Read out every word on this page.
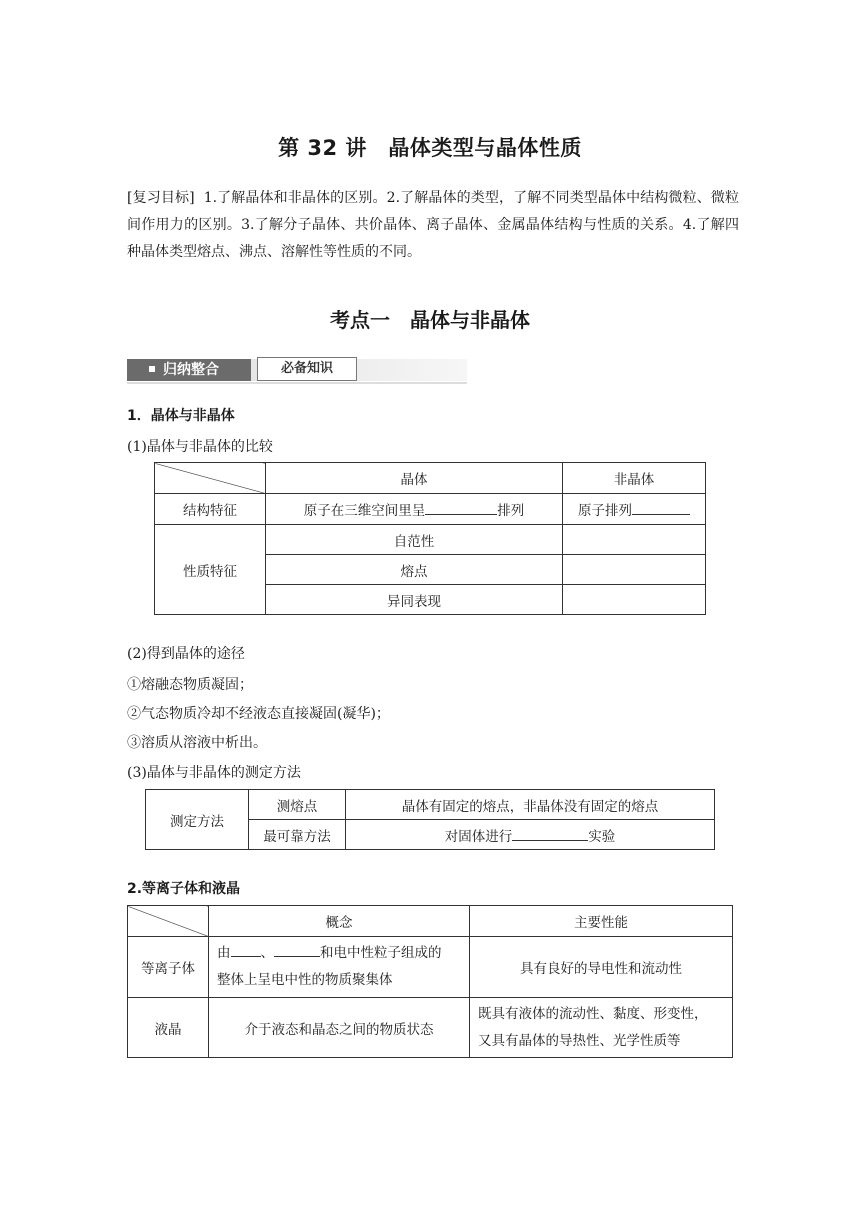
第 32 讲　晶体类型与晶体性质
[复习目标] 1.了解晶体和非晶体的区别。2.了解晶体的类型，了解不同类型晶体中结构微粒、微粒间作用力的区别。3.了解分子晶体、共价晶体、离子晶体、金属晶体结构与性质的关系。4.了解四种晶体类型熔点、沸点、溶解性等性质的不同。
考点一　晶体与非晶体
归纳整合	必备知识
1．晶体与非晶体
(1)晶体与非晶体的比较
	晶体	非晶体
结构特征	原子在三维空间里呈 排列	原子排列
性质特征	自范性	
	熔点	
	异同表现	
(2)得到晶体的途径
①熔融态物质凝固；
②气态物质冷却不经液态直接凝固(凝华)；
③溶质从溶液中析出。
(3)晶体与非晶体的测定方法
测定方法	测熔点	晶体有固定的熔点，非晶体没有固定的熔点
	最可靠方法	对固体进行 实验
2.等离子体和液晶
	概念	主要性能
等离子体	由 、 和电中性粒子组成的
整体上呈电中性的物质聚集体	具有良好的导电性和流动性
液晶	介于液态和晶态之间的物质状态	既具有液体的流动性、黏度、形变性，
又具有晶体的导热性、光学性质等
